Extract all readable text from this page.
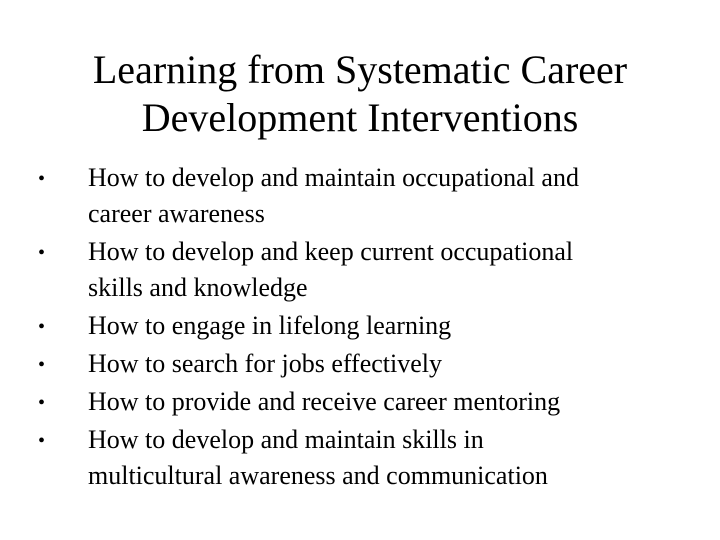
Learning from Systematic Career
Development Interventions
•	How to develop and maintain occupational and
career awareness
•	How to develop and keep current occupational
skills and knowledge
•	How to engage in lifelong learning
•	How to search for jobs effectively
•	How to provide and receive career mentoring
•	How to develop and maintain skills in
multicultural awareness and communication
